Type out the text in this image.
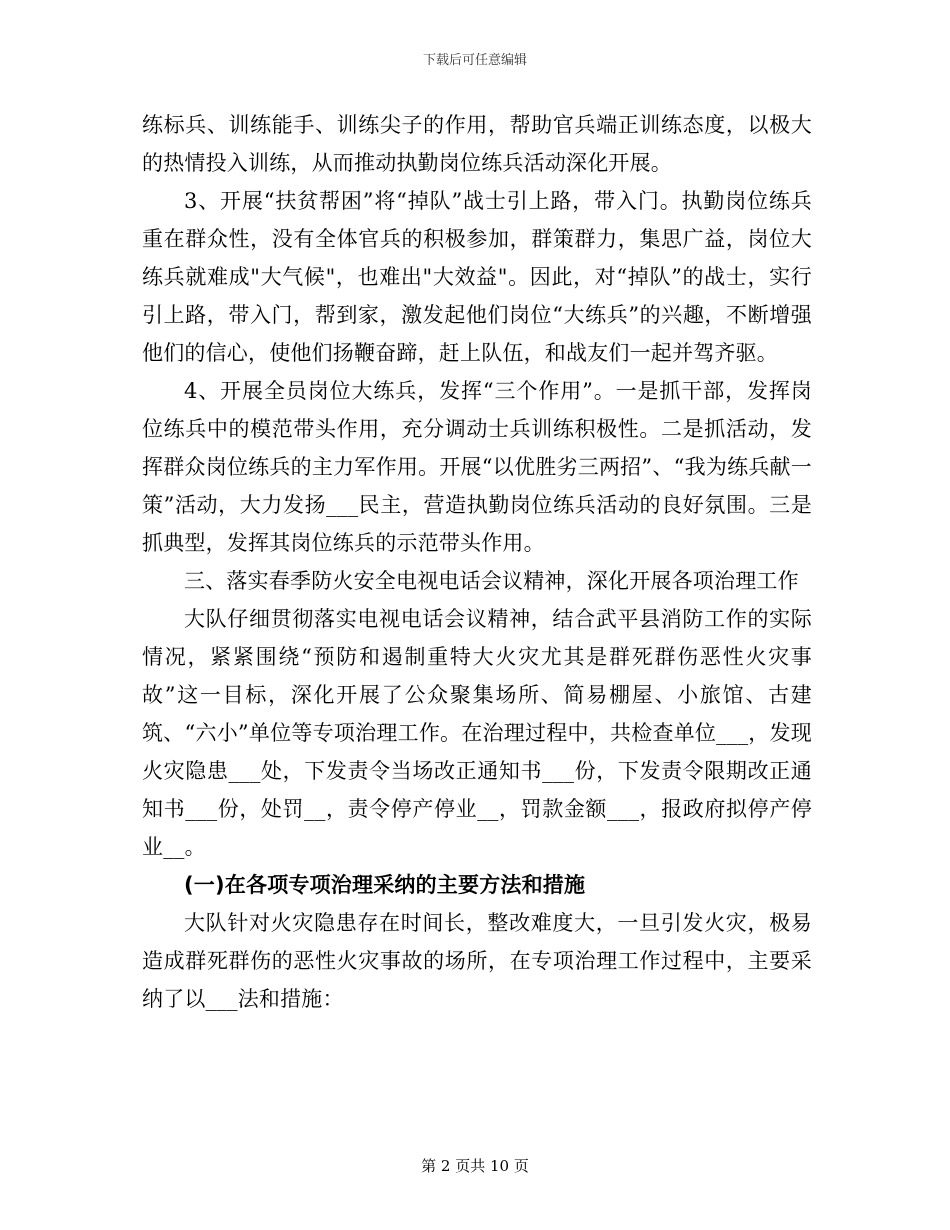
下载后可任意编辑

练标兵、训练能手、训练尖子的作用，帮助官兵端正训练态度，以极大的热情投入训练，从而推动执勤岗位练兵活动深化开展。

3、开展“扶贫帮困”将“掉队”战士引上路，带入门。执勤岗位练兵重在群众性，没有全体官兵的积极参加，群策群力，集思广益，岗位大练兵就难成"大气候"，也难出"大效益"。因此，对“掉队”的战士，实行引上路，带入门，帮到家，激发起他们岗位“大练兵”的兴趣，不断增强他们的信心，使他们扬鞭奋蹄，赶上队伍，和战友们一起并驾齐驱。

4、开展全员岗位大练兵，发挥“三个作用”。一是抓干部，发挥岗位练兵中的模范带头作用，充分调动士兵训练积极性。二是抓活动，发挥群众岗位练兵的主力军作用。开展“以优胜劣三两招”、“我为练兵献一策”活动，大力发扬___民主，营造执勤岗位练兵活动的良好氛围。三是抓典型，发挥其岗位练兵的示范带头作用。

三、落实春季防火安全电视电话会议精神，深化开展各项治理工作

大队仔细贯彻落实电视电话会议精神，结合武平县消防工作的实际情况，紧紧围绕“预防和遏制重特大火灾尤其是群死群伤恶性火灾事故”这一目标，深化开展了公众聚集场所、简易棚屋、小旅馆、古建筑、“六小”单位等专项治理工作。在治理过程中，共检查单位___，发现火灾隐患___处，下发责令当场改正通知书___份，下发责令限期改正通知书___份，处罚__，责令停产停业__，罚款金额___，报政府拟停产停业__。

(一)在各项专项治理采纳的主要方法和措施

大队针对火灾隐患存在时间长，整改难度大，一旦引发火灾，极易造成群死群伤的恶性火灾事故的场所，在专项治理工作过程中，主要采纳了以___法和措施：

第 2 页共 10 页
